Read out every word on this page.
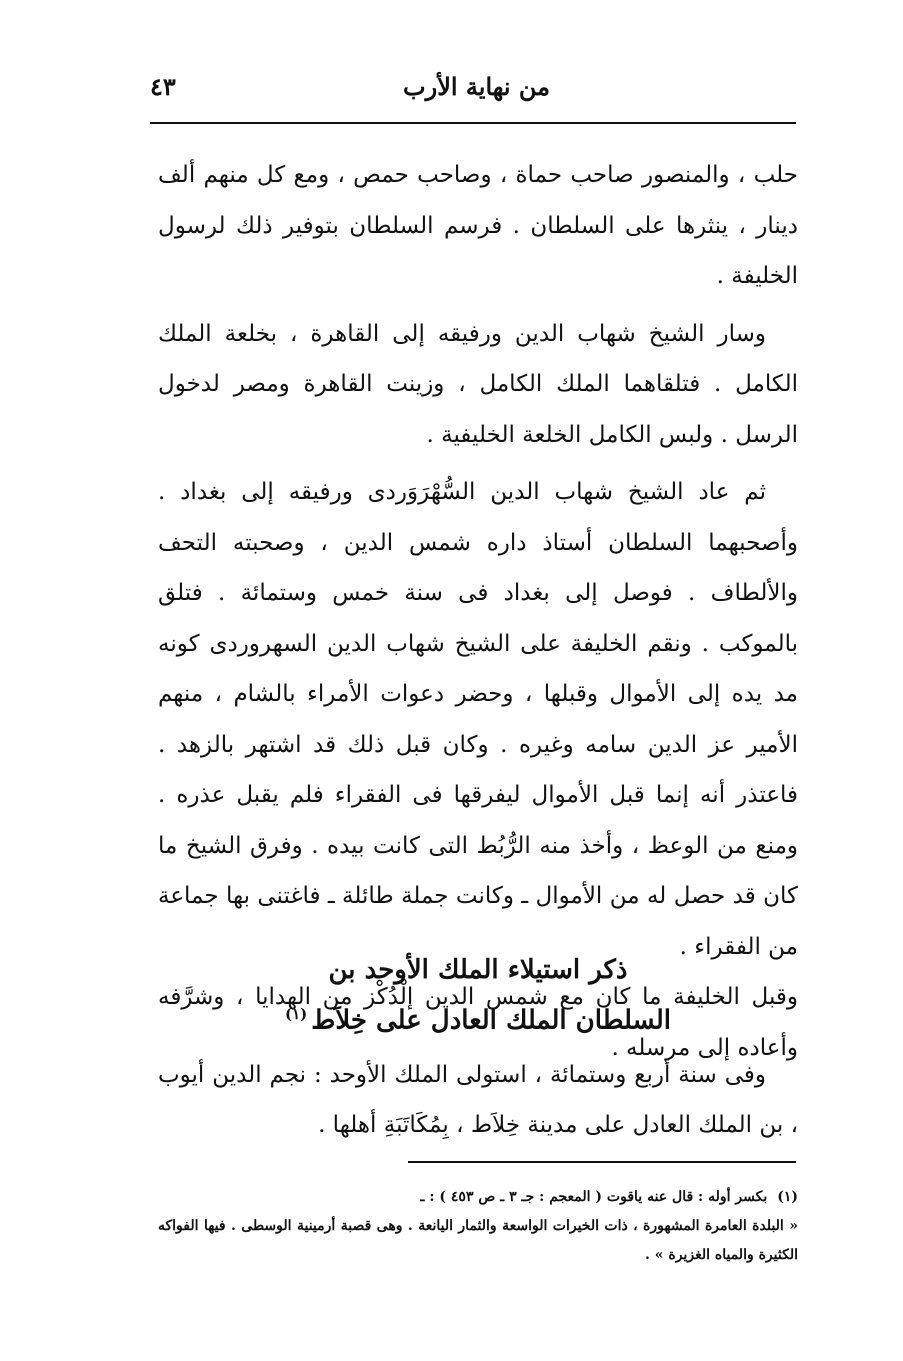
من نهاية الأرب
٤٣

حلب ، والمنصور صاحب حماة ، وصاحب حمص ، ومع كل منهم ألف دينار ، ينثرها على السلطان . فرسم السلطان بتوفير ذلك لرسول الخليفة .

وسار الشيخ شهاب الدين ورفيقه إلى القاهرة ، بخلعة الملك الكامل . فتلقاهما الملك الكامل ، وزينت القاهرة ومصر لدخول الرسل . ولبس الكامل الخلعة الخليفية .

ثم عاد الشيخ شهاب الدين السُّهْرَوَردى ورفيقه إلى بغداد . وأصحبهما السلطان أستاذ داره شمس الدين ، وصحبته التحف والألطاف . فوصل إلى بغداد فى سنة خمس وستمائة . فتلق بالموكب . ونقم الخليفة على الشيخ شهاب الدين السهروردى كونه مد يده إلى الأموال وقبلها ، وحضر دعوات الأمراء بالشام ، منهم الأمير عز الدين سامه وغيره . وكان قبل ذلك قد اشتهر بالزهد . فاعتذر أنه إنما قبل الأموال ليفرقها فى الفقراء فلم يقبل عذره . ومنع من الوعظ ، وأخذ منه الرُّبُط التى كانت بيده . وفرق الشيخ ما كان قد حصل له من الأموال ـ وكانت جملة طائلة ـ فاغتنى بها جماعة من الفقراء .

وقبل الخليفة ما كان مع شمس الدين إلْدُكْز من الهدايا ، وشرَّفه وأعاده إلى مرسله .

ذكر استيلاء الملك الأوحد بن
السلطان الملك العادل على خِلاَط$^{(١)}$

وفى سنة أربع وستمائة ، استولى الملك الأوحد : نجم الدين أيوب ، بن الملك العادل على مدينة خِلاَط ، بِمُكَاتَبَةِ أهلها .

(١)بكسر أوله : قال عنه ياقوت ( المعجم : جـ ٣ ـ ص ٤٥٣ ) : ـ

« البلدة العامرة المشهورة ، ذات الخيرات الواسعة والثمار اليانعة . وهى قصبة أرمينية الوسطى . فيها الفواكه الكثيرة والمياه الغزيرة » .
